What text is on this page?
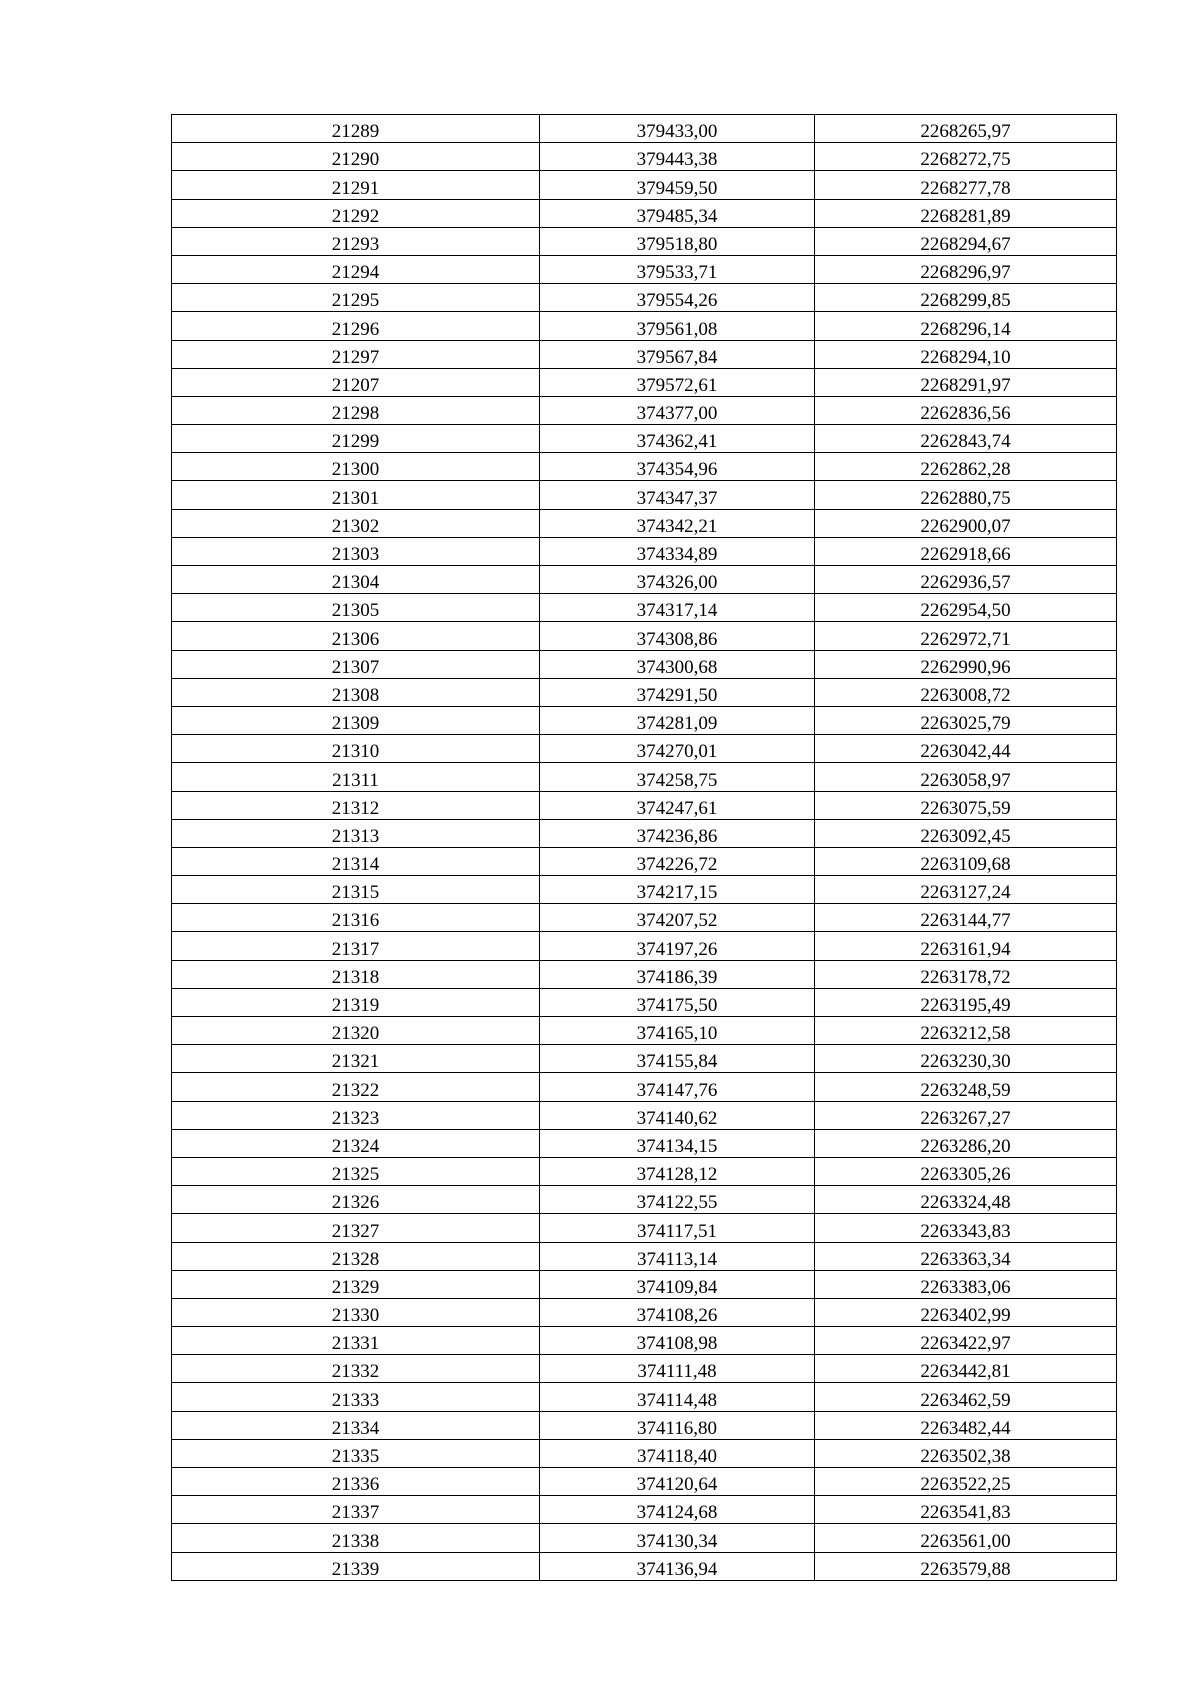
21289	379433,00	2268265,97
21290	379443,38	2268272,75
21291	379459,50	2268277,78
21292	379485,34	2268281,89
21293	379518,80	2268294,67
21294	379533,71	2268296,97
21295	379554,26	2268299,85
21296	379561,08	2268296,14
21297	379567,84	2268294,10
21207	379572,61	2268291,97
21298	374377,00	2262836,56
21299	374362,41	2262843,74
21300	374354,96	2262862,28
21301	374347,37	2262880,75
21302	374342,21	2262900,07
21303	374334,89	2262918,66
21304	374326,00	2262936,57
21305	374317,14	2262954,50
21306	374308,86	2262972,71
21307	374300,68	2262990,96
21308	374291,50	2263008,72
21309	374281,09	2263025,79
21310	374270,01	2263042,44
21311	374258,75	2263058,97
21312	374247,61	2263075,59
21313	374236,86	2263092,45
21314	374226,72	2263109,68
21315	374217,15	2263127,24
21316	374207,52	2263144,77
21317	374197,26	2263161,94
21318	374186,39	2263178,72
21319	374175,50	2263195,49
21320	374165,10	2263212,58
21321	374155,84	2263230,30
21322	374147,76	2263248,59
21323	374140,62	2263267,27
21324	374134,15	2263286,20
21325	374128,12	2263305,26
21326	374122,55	2263324,48
21327	374117,51	2263343,83
21328	374113,14	2263363,34
21329	374109,84	2263383,06
21330	374108,26	2263402,99
21331	374108,98	2263422,97
21332	374111,48	2263442,81
21333	374114,48	2263462,59
21334	374116,80	2263482,44
21335	374118,40	2263502,38
21336	374120,64	2263522,25
21337	374124,68	2263541,83
21338	374130,34	2263561,00
21339	374136,94	2263579,88
